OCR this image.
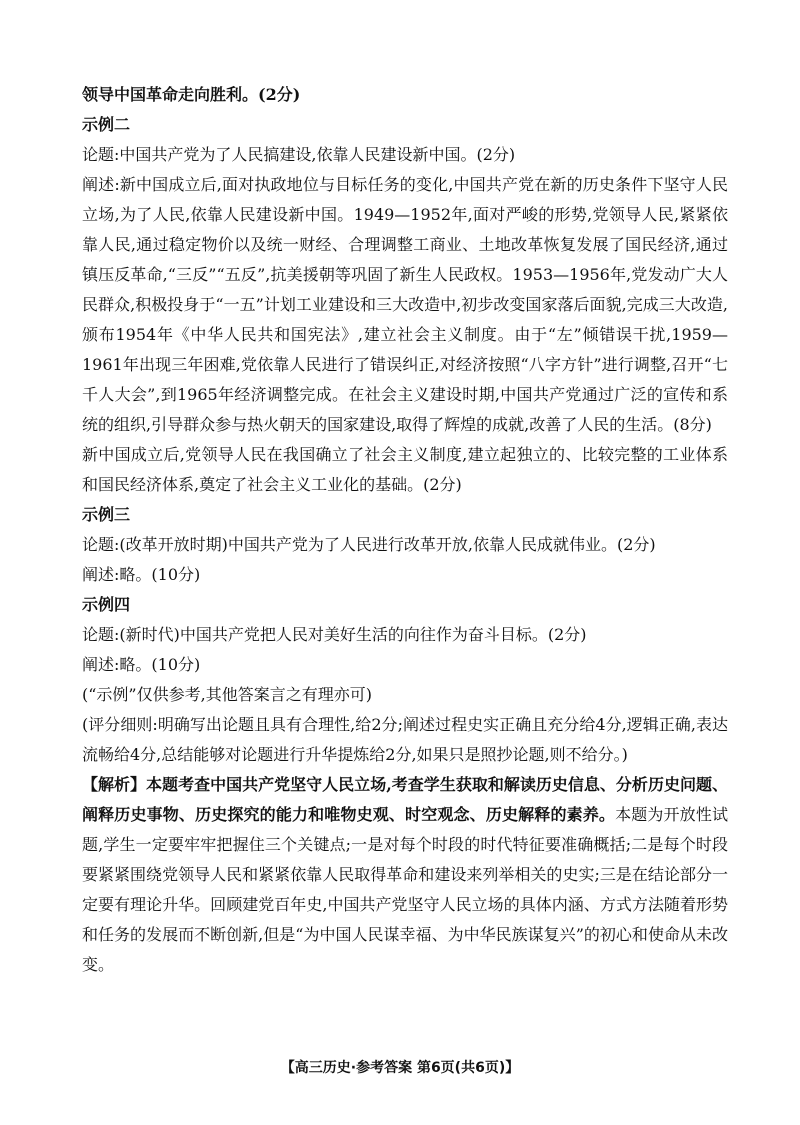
领导中国革命走向胜利。(2分)
示例二
论题:中国共产党为了人民搞建设,依靠人民建设新中国。(2分)
阐述:新中国成立后,面对执政地位与目标任务的变化,中国共产党在新的历史条件下坚守人民立场,为了人民,依靠人民建设新中国。1949—1952年,面对严峻的形势,党领导人民,紧紧依靠人民,通过稳定物价以及统一财经、合理调整工商业、土地改革恢复发展了国民经济,通过镇压反革命,“三反”“五反”,抗美援朝等巩固了新生人民政权。1953—1956年,党发动广大人民群众,积极投身于“一五”计划工业建设和三大改造中,初步改变国家落后面貌,完成三大改造,颁布1954年《中华人民共和国宪法》,建立社会主义制度。由于“左”倾错误干扰,1959—1961年出现三年困难,党依靠人民进行了错误纠正,对经济按照“八字方针”进行调整,召开“七千人大会”,到1965年经济调整完成。在社会主义建设时期,中国共产党通过广泛的宣传和系统的组织,引导群众参与热火朝天的国家建设,取得了辉煌的成就,改善了人民的生活。(8分)
新中国成立后,党领导人民在我国确立了社会主义制度,建立起独立的、比较完整的工业体系和国民经济体系,奠定了社会主义工业化的基础。(2分)
示例三
论题:(改革开放时期)中国共产党为了人民进行改革开放,依靠人民成就伟业。(2分)
阐述:略。(10分)
示例四
论题:(新时代)中国共产党把人民对美好生活的向往作为奋斗目标。(2分)
阐述:略。(10分)
(“示例”仅供参考,其他答案言之有理亦可)
(评分细则:明确写出论题且具有合理性,给2分;阐述过程史实正确且充分给4分,逻辑正确,表达流畅给4分,总结能够对论题进行升华提炼给2分,如果只是照抄论题,则不给分。)
【解析】本题考查中国共产党坚守人民立场,考查学生获取和解读历史信息、分析历史问题、阐释历史事物、历史探究的能力和唯物史观、时空观念、历史解释的素养。本题为开放性试题,学生一定要牢牢把握住三个关键点;一是对每个时段的时代特征要准确概括;二是每个时段要紧紧围绕党领导人民和紧紧依靠人民取得革命和建设来列举相关的史实;三是在结论部分一定要有理论升华。回顾建党百年史,中国共产党坚守人民立场的具体内涵、方式方法随着形势和任务的发展而不断创新,但是“为中国人民谋幸福、为中华民族谋复兴”的初心和使命从未改变。
【高三历史·参考答案 第6页(共6页)】
